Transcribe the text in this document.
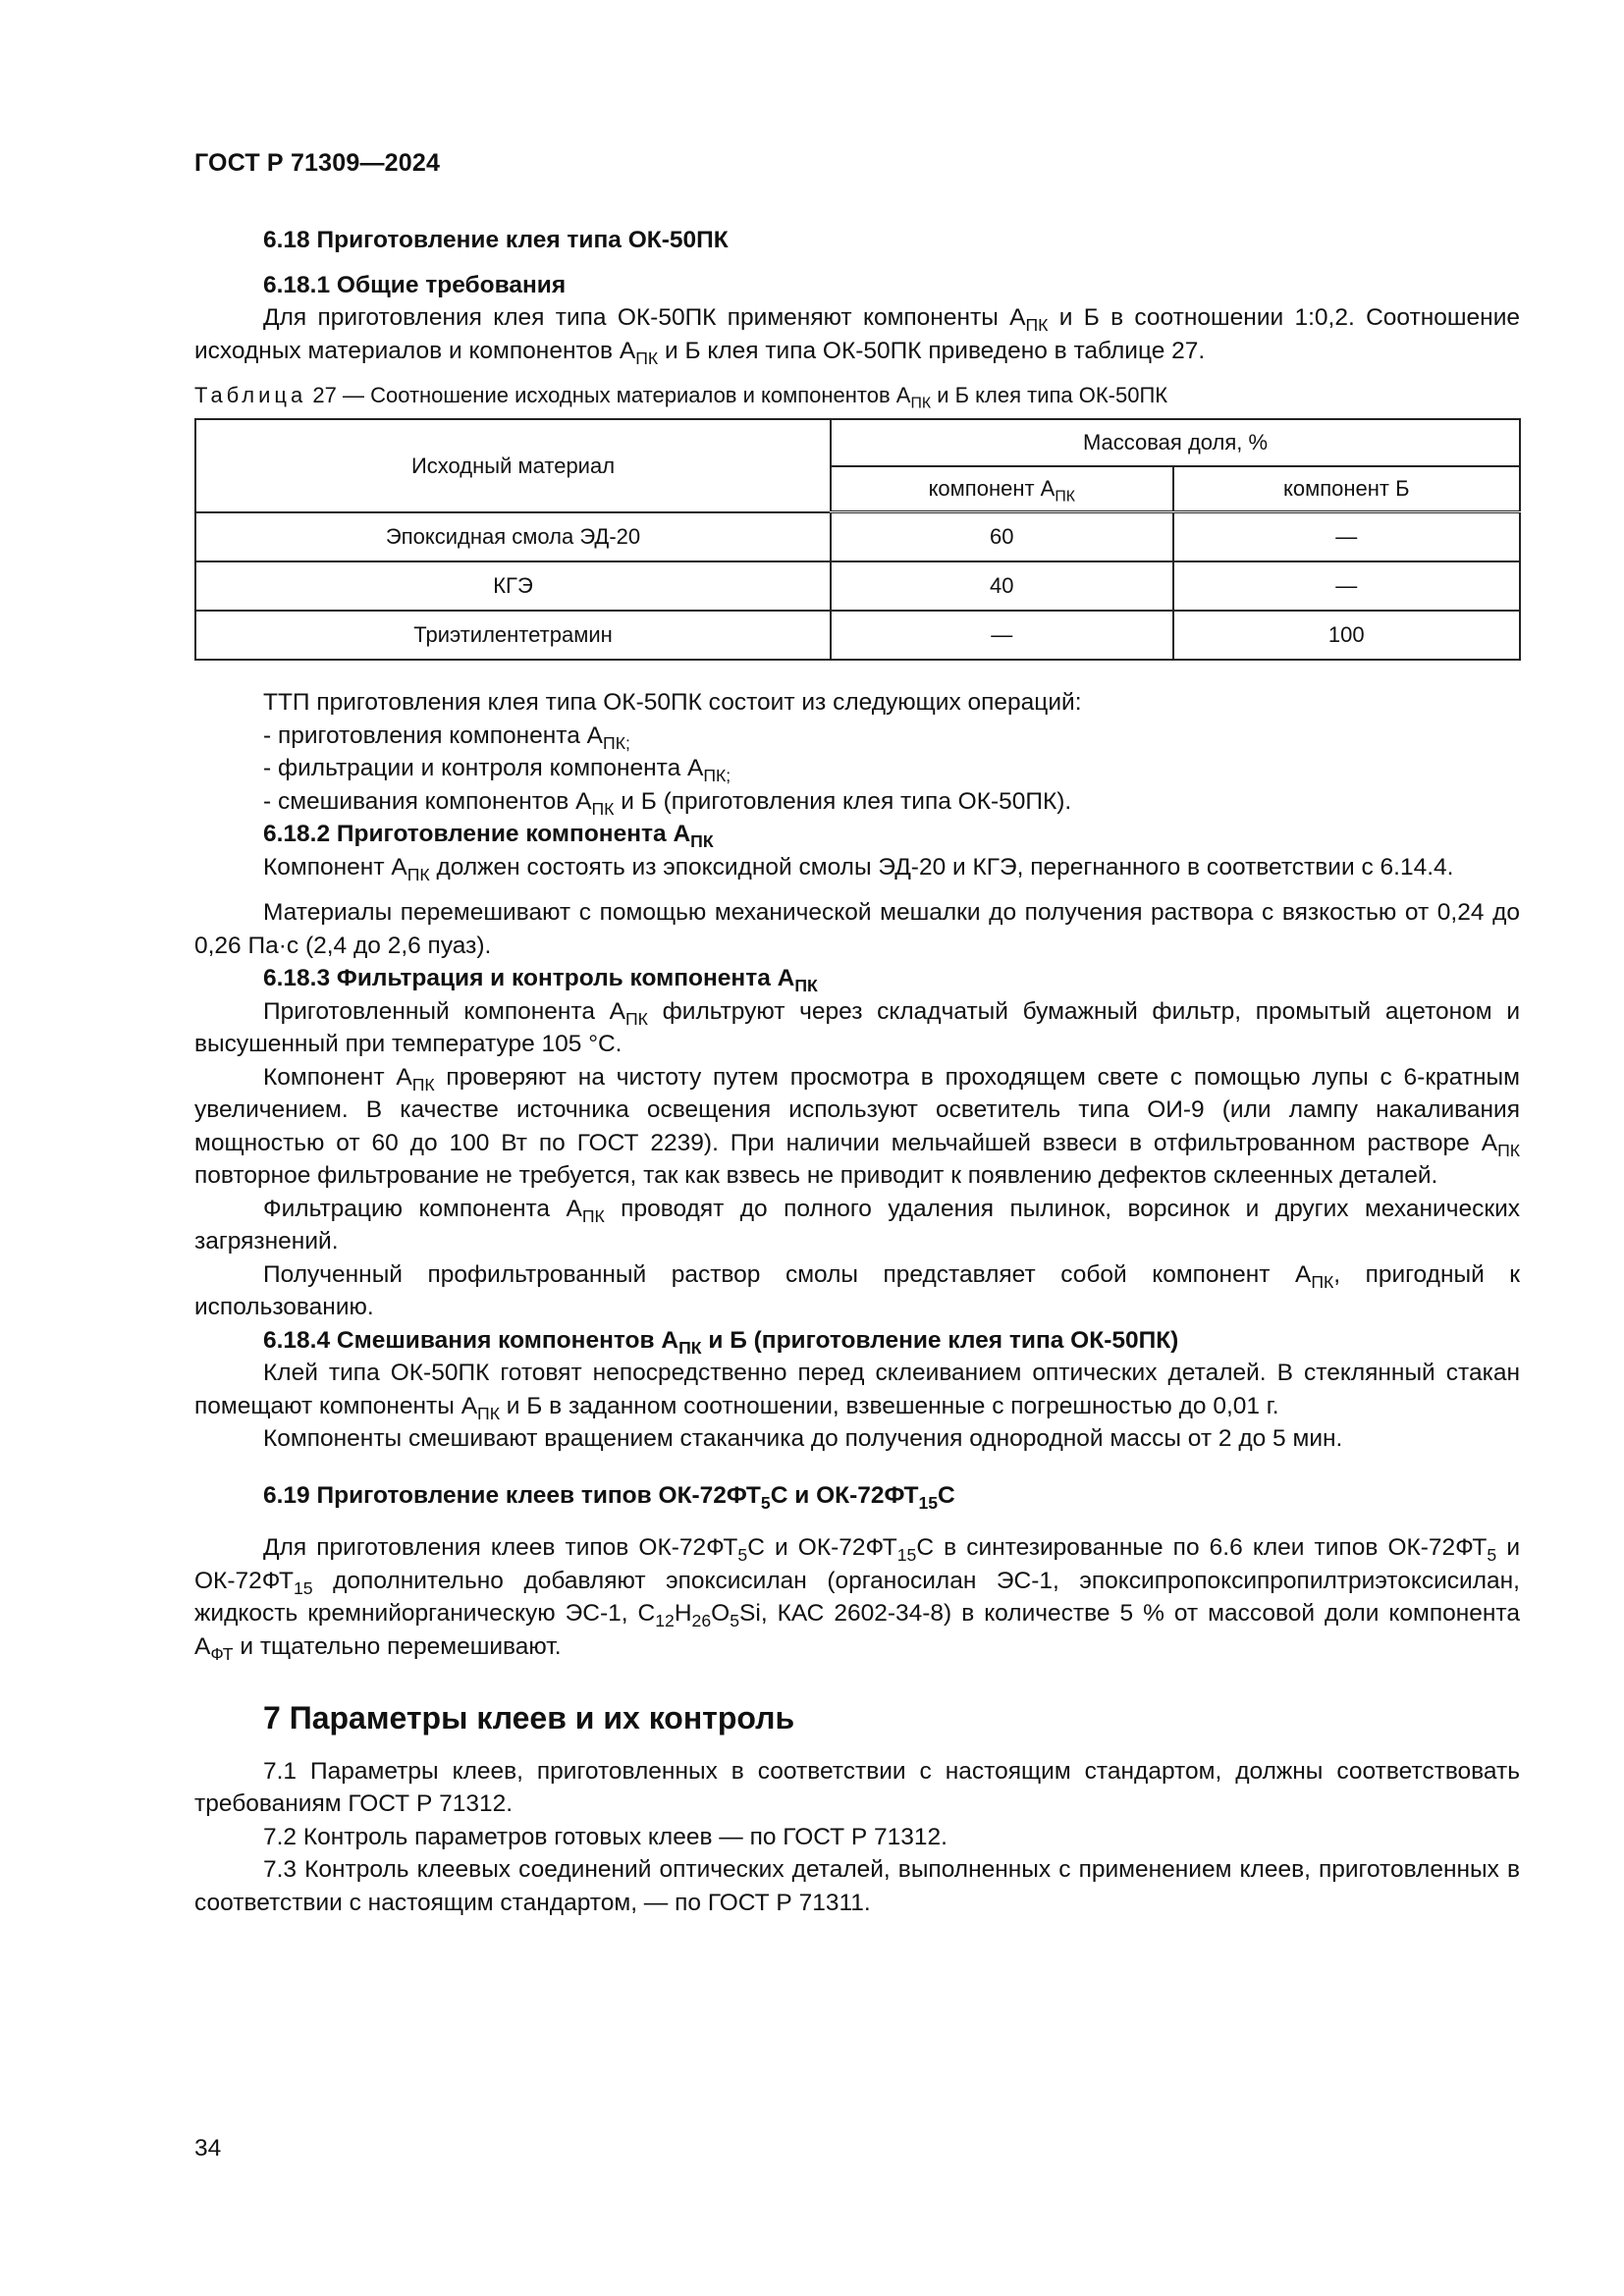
ГОСТ Р 71309—2024
6.18 Приготовление клея типа ОК-50ПК
6.18.1 Общие требования

Для приготовления клея типа ОК-50ПК применяют компоненты $А_{ПК}$ и Б в соотношении 1:0,2. Соотношение исходных материалов и компонентов $А_{ПК}$ и Б клея типа ОК-50ПК приведено в таблице 27.

Таблица 27 — Соотношение исходных материалов и компонентов $А_{ПК}$ и Б клея типа ОК-50ПК

Исходный материал	Массовая доля, %	
	компонент $А_{ПК}$	компонент Б
Эпоксидная смола ЭД-20	60	—
КГЭ	40	—
Триэтилентетрамин	—	100

ТТП приготовления клея типа ОК-50ПК состоит из следующих операций:

- приготовления компонента $А_{ПК;}$

- фильтрации и контроля компонента $А_{ПК;}$

- смешивания компонентов $А_{ПК}$ и Б (приготовления клея типа ОК-50ПК).

6.18.2 Приготовление компонента $А_{ПК}$

Компонент $А_{ПК}$ должен состоять из эпоксидной смолы ЭД-20 и КГЭ, перегнанного в соответствии с 6.14.4.

Материалы перемешивают с помощью механической мешалки до получения раствора с вязкостью от 0,24 до 0,26 Па·с (2,4 до 2,6 пуаз).

6.18.3 Фильтрация и контроль компонента $А_{ПК}$

Приготовленный компонента $А_{ПК}$ фильтруют через складчатый бумажный фильтр, промытый ацетоном и высушенный при температуре 105 °С.

Компонент $А_{ПК}$ проверяют на чистоту путем просмотра в проходящем свете с помощью лупы с 6-кратным увеличением. В качестве источника освещения используют осветитель типа ОИ-9 (или лампу накаливания мощностью от 60 до 100 Вт по ГОСТ 2239). При наличии мельчайшей взвеси в отфильтрованном растворе $А_{ПК}$ повторное фильтрование не требуется, так как взвесь не приводит к появлению дефектов склеенных деталей.

Фильтрацию компонента $А_{ПК}$ проводят до полного удаления пылинок, ворсинок и других механических загрязнений.

Полученный профильтрованный раствор смолы представляет собой компонент $А_{ПК}$, пригодный к использованию.

6.18.4 Смешивания компонентов $А_{ПК}$ и Б (приготовление клея типа ОК-50ПК)

Клей типа ОК-50ПК готовят непосредственно перед склеиванием оптических деталей. В стеклянный стакан помещают компоненты $А_{ПК}$ и Б в заданном соотношении, взвешенные с погрешностью до 0,01 г.

Компоненты смешивают вращением стаканчика до получения однородной массы от 2 до 5 мин.

6.19 Приготовление клеев типов $ОК-72ФТ_5С$ и $ОК-72ФТ_{15}С$

Для приготовления клеев типов $ОК-72ФТ_5С$ и $ОК-72ФТ_{15}С$ в синтезированные по 6.6 клеи типов $ОК-72ФТ_5$ и $ОК-72ФТ_{15}$ дополнительно добавляют эпоксисилан (органосилан ЭС-1, эпоксипропоксипропилтриэтоксисилан, жидкость кремнийорганическую ЭС-1, $С_{12}Н_{26}О_5Si$, КАС 2602-34-8) в количестве 5 % от массовой доли компонента $А_{ФТ}$ и тщательно перемешивают.

7 Параметры клеев и их контроль

7.1 Параметры клеев, приготовленных в соответствии с настоящим стандартом, должны соответствовать требованиям ГОСТ Р 71312.

7.2 Контроль параметров готовых клеев — по ГОСТ Р 71312.

7.3 Контроль клеевых соединений оптических деталей, выполненных с применением клеев, приготовленных в соответствии с настоящим стандартом, — по ГОСТ Р 71311.

34
